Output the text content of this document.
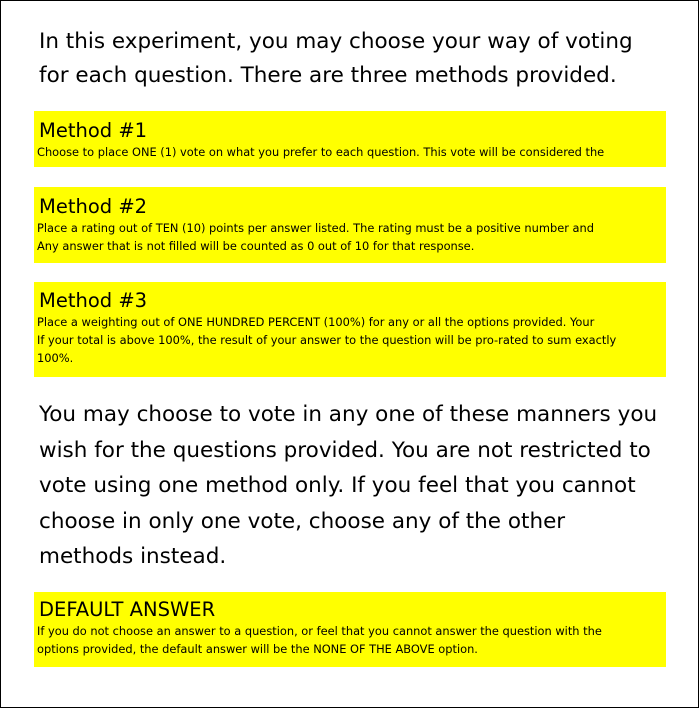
In this experiment, you may choose your way of voting
for each question. There are three methods provided.
Method #1
Choose to place ONE (1) vote on what you prefer to each question. This vote will be considered the
Method #2
Place a rating out of TEN (10) points per answer listed. The rating must be a positive number and
Any answer that is not filled will be counted as 0 out of 10 for that response.
Method #3
Place a weighting out of ONE HUNDRED PERCENT (100%) for any or all the options provided. Your
If your total is above 100%, the result of your answer to the question will be pro-rated to sum exactly
100%.
You may choose to vote in any one of these manners you
wish for the questions provided. You are not restricted to
vote using one method only. If you feel that you cannot
choose in only one vote, choose any of the other
methods instead.
DEFAULT ANSWER
If you do not choose an answer to a question, or feel that you cannot answer the question with the
options provided, the default answer will be the NONE OF THE ABOVE option.
